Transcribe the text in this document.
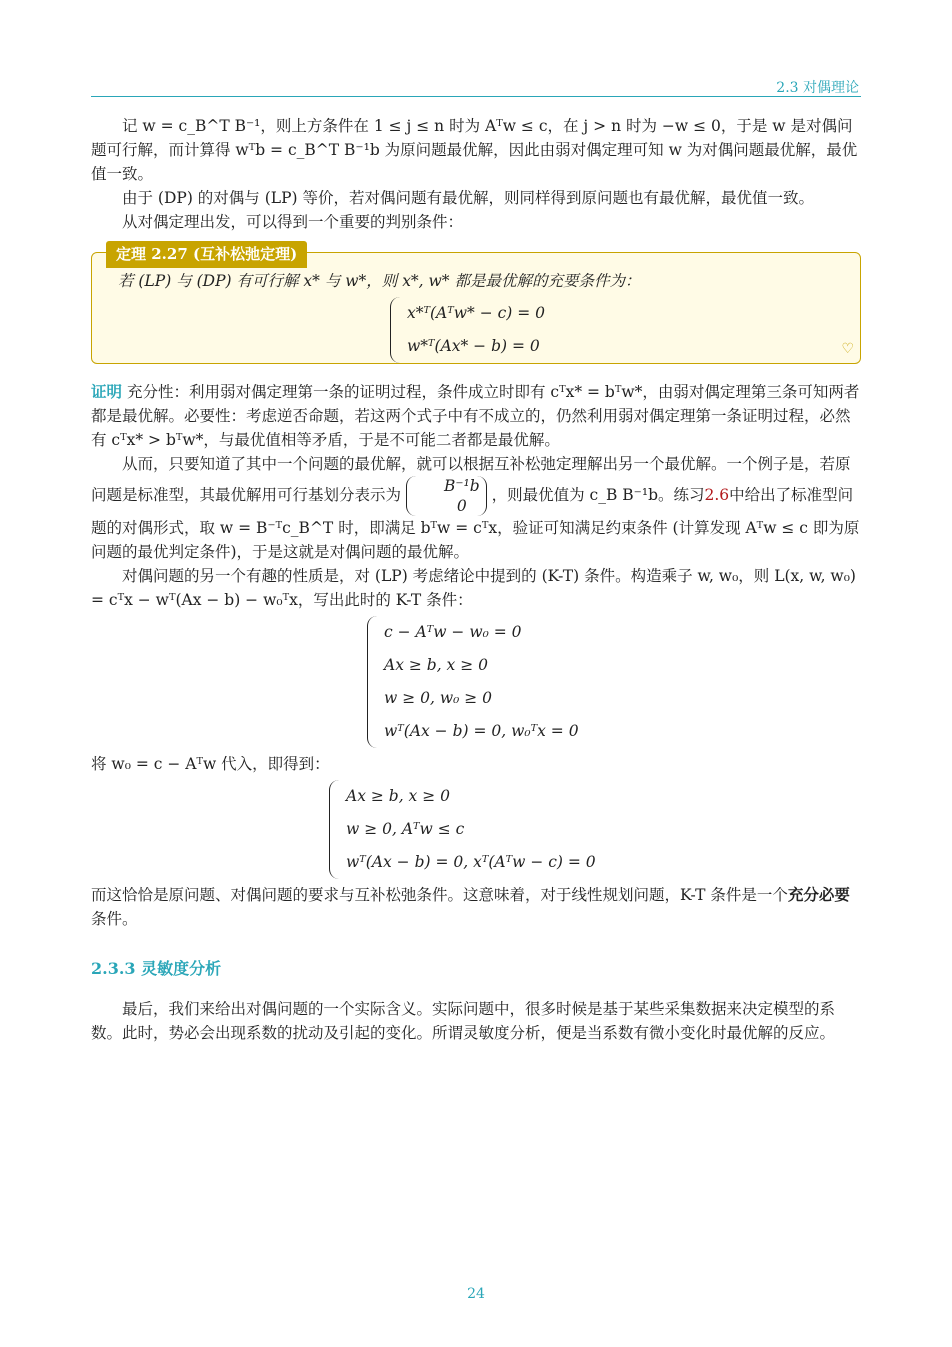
2.3 对偶理论

记 w = c_B^T B⁻¹，则上方条件在 1 ≤ j ≤ n 时为 Aᵀw ≤ c，在 j > n 时为 −w ≤ 0，于是 w 是对偶问题可行解，而计算得 wᵀb = c_B^T B⁻¹b 为原问题最优解，因此由弱对偶定理可知 w 为对偶问题最优解，最优值一致。

由于 (DP) 的对偶与 (LP) 等价，若对偶问题有最优解，则同样得到原问题也有最优解，最优值一致。

从对偶定理出发，可以得到一个重要的判别条件：

定理 2.27 (互补松弛定理)
若 (LP) 与 (DP) 有可行解 x* 与 w*，则 x*, w* 都是最优解的充要条件为：
x*ᵀ(Aᵀw* − c) = 0
w*ᵀ(Ax* − b) = 0	♡

证明 充分性：利用弱对偶定理第一条的证明过程，条件成立时即有 cᵀx* = bᵀw*，由弱对偶定理第三条可知两者都是最优解。必要性：考虑逆否命题，若这两个式子中有不成立的，仍然利用弱对偶定理第一条证明过程，必然有 cᵀx* > bᵀw*，与最优值相等矛盾，于是不可能二者都是最优解。

从而，只要知道了其中一个问题的最优解，就可以根据互补松弛定理解出另一个最优解。一个例子是，若原问题是标准型，其最优解用可行基划分表示为	B⁻¹b
0
，则最优值为 c_B B⁻¹b。练习2.6中给出了标准型问题的对偶形式，取 w = B⁻ᵀc_B^T 时，即满足 bᵀw = cᵀx，验证可知满足约束条件 (计算发现 Aᵀw ≤ c 即为原问题的最优判定条件)，于是这就是对偶问题的最优解。

对偶问题的另一个有趣的性质是，对 (LP) 考虑绪论中提到的 (K-T) 条件。构造乘子 w, w₀，则 L(x, w, w₀) = cᵀx − wᵀ(Ax − b) − w₀ᵀx，写出此时的 K-T 条件：

c − Aᵀw − w₀ = 0
Ax ≥ b, x ≥ 0
w ≥ 0, w₀ ≥ 0
wᵀ(Ax − b) = 0, w₀ᵀx = 0

将 w₀ = c − Aᵀw 代入，即得到：

Ax ≥ b, x ≥ 0
w ≥ 0, Aᵀw ≤ c
wᵀ(Ax − b) = 0, xᵀ(Aᵀw − c) = 0

而这恰恰是原问题、对偶问题的要求与互补松弛条件。这意味着，对于线性规划问题，K-T 条件是一个充分必要条件。

2.3.3 灵敏度分析

最后，我们来给出对偶问题的一个实际含义。实际问题中，很多时候是基于某些采集数据来决定模型的系数。此时，势必会出现系数的扰动及引起的变化。所谓灵敏度分析，便是当系数有微小变化时最优解的反应。

24
